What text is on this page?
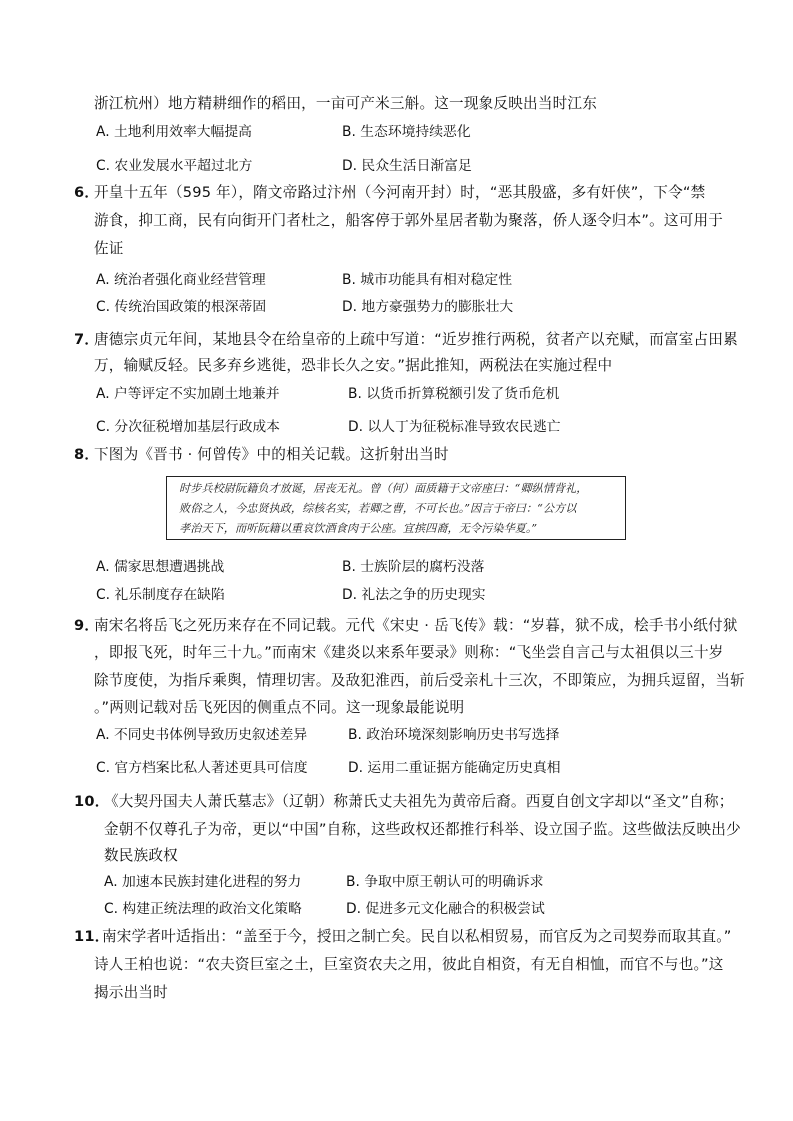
浙江杭州）地方精耕细作的稻田，一亩可产米三斛。这一现象反映出当时江东
A. 土地利用效率大幅提高	B. 生态环境持续恶化
C. 农业发展水平超过北方	D. 民众生活日渐富足
6．
开皇十五年（595 年），隋文帝路过汴州（今河南开封）时，“恶其殷盛，多有奸侠”，下令“禁
游食，抑工商，民有向街开门者杜之，船客停于郭外星居者勒为聚落，侨人逐令归本”。这可用于
佐证
A. 统治者强化商业经营管理	B. 城市功能具有相对稳定性
C. 传统治国政策的根深蒂固	D. 地方豪强势力的膨胀壮大
7．
唐德宗贞元年间，某地县令在给皇帝的上疏中写道：“近岁推行两税，贫者产以充赋，而富室占田累
万，输赋反轻。民多弃乡逃徙，恐非长久之安。”据此推知，两税法在实施过程中
A. 户等评定不实加剧土地兼并	B. 以货币折算税额引发了货币危机
C. 分次征税增加基层行政成本	D. 以人丁为征税标准导致农民逃亡
8．
下图为《晋书 · 何曾传》中的相关记载。这折射出当时
时步兵校尉阮籍负才放诞，居丧无礼。曾（何）面质籍于文帝座曰：“卿纵情背礼，
败俗之人，今忠贤执政，综核名实，若卿之曹，不可长也。”因言于帝曰：“公方以
孝治天下，而听阮籍以重哀饮酒食肉于公座。宜摈四裔，无令污染华夏。”
A. 儒家思想遭遇挑战	B. 士族阶层的腐朽没落
C. 礼乐制度存在缺陷	D. 礼法之争的历史现实
9．
南宋名将岳飞之死历来存在不同记载。元代《宋史 · 岳飞传》载：“岁暮，狱不成，桧手书小纸付狱
，即报飞死，时年三十九。”而南宋《建炎以来系年要录》则称：“飞坐尝自言己与太祖俱以三十岁
除节度使，为指斥乘舆，情理切害。及敌犯淮西，前后受亲札十三次，不即策应，为拥兵逗留，当斩
。”两则记载对岳飞死因的侧重点不同。这一现象最能说明
A. 不同史书体例导致历史叙述差异	B. 政治环境深刻影响历史书写选择
C. 官方档案比私人著述更具可信度	D. 运用二重证据方能确定历史真相
10．
《大契丹国夫人萧氏墓志》（辽朝）称萧氏丈夫祖先为黄帝后裔。西夏自创文字却以“圣文”自称；
金朝不仅尊孔子为帝，更以“中国”自称，这些政权还都推行科举、设立国子监。这些做法反映出少
数民族政权
A. 加速本民族封建化进程的努力	B. 争取中原王朝认可的明确诉求
C. 构建正统法理的政治文化策略	D. 促进多元文化融合的积极尝试
11．
南宋学者叶适指出：“盖至于今，授田之制亡矣。民自以私相贸易，而官反为之司契券而取其直。”
诗人王柏也说：“农夫资巨室之土，巨室资农夫之用，彼此自相资，有无自相恤，而官不与也。”这
揭示出当时
